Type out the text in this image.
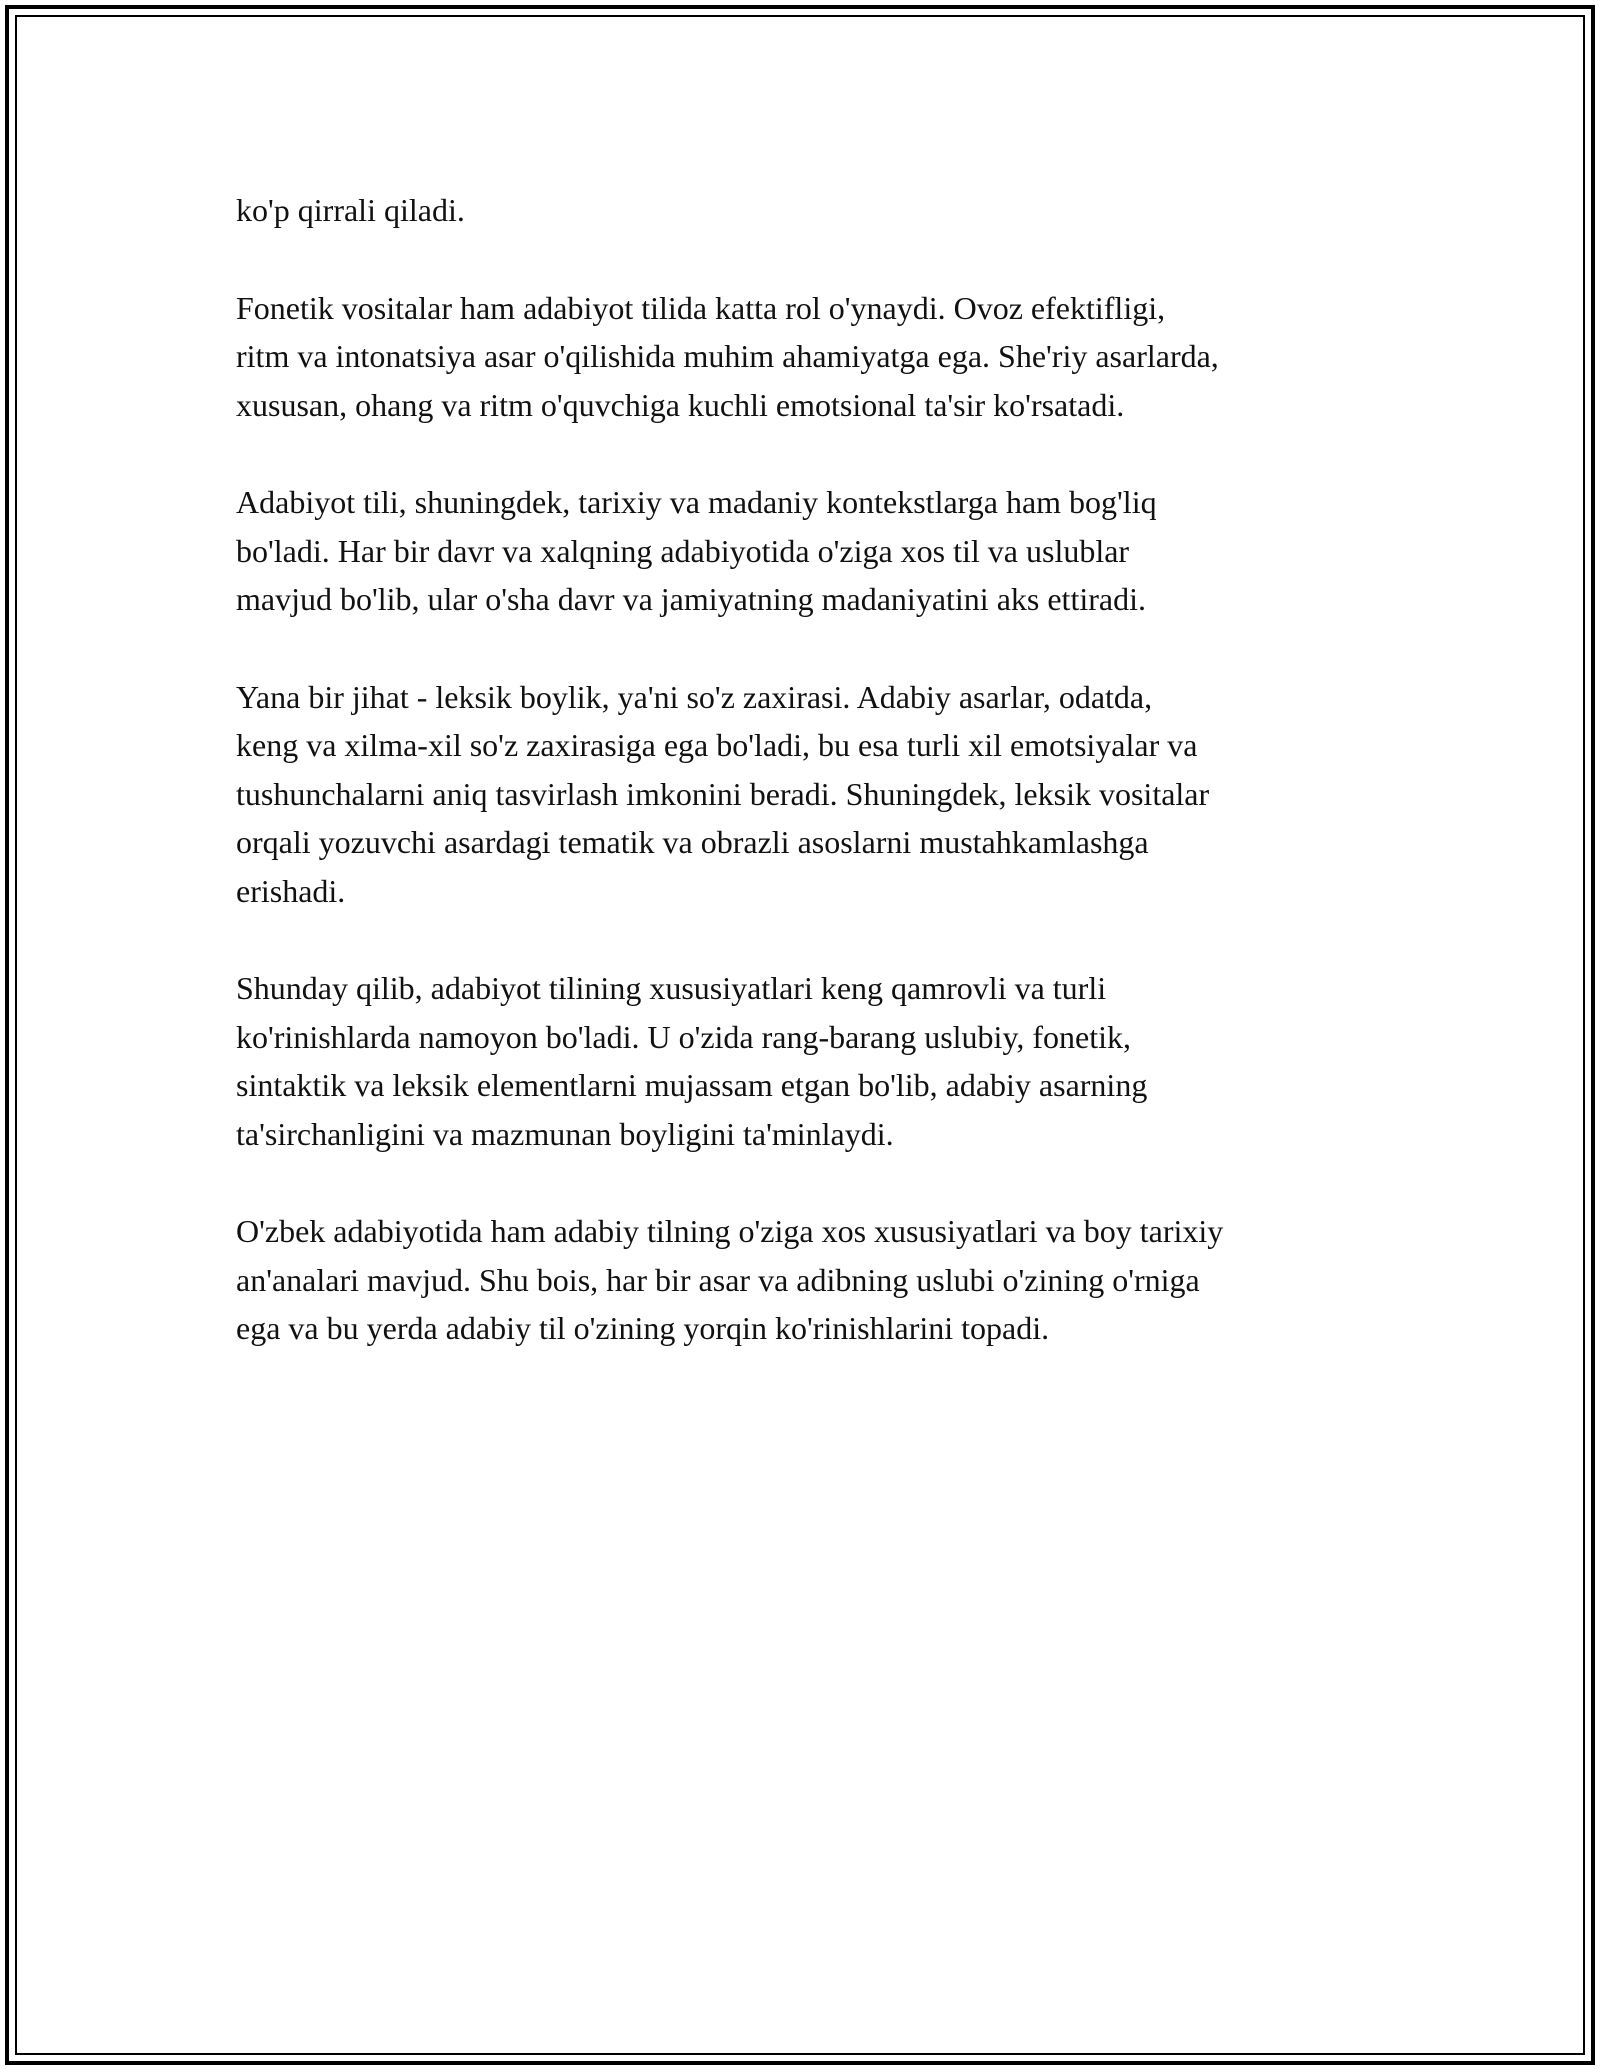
ko'p qirrali qiladi.

Fonetik vositalar ham adabiyot tilida katta rol o'ynaydi. Ovoz efektifligi,
ritm va intonatsiya asar o'qilishida muhim ahamiyatga ega. She'riy asarlarda,
xususan, ohang va ritm o'quvchiga kuchli emotsional ta'sir ko'rsatadi.

Adabiyot tili, shuningdek, tarixiy va madaniy kontekstlarga ham bog'liq
bo'ladi. Har bir davr va xalqning adabiyotida o'ziga xos til va uslublar
mavjud bo'lib, ular o'sha davr va jamiyatning madaniyatini aks ettiradi.

Yana bir jihat - leksik boylik, ya'ni so'z zaxirasi. Adabiy asarlar, odatda,
keng va xilma-xil so'z zaxirasiga ega bo'ladi, bu esa turli xil emotsiyalar va
tushunchalarni aniq tasvirlash imkonini beradi. Shuningdek, leksik vositalar
orqali yozuvchi asardagi tematik va obrazli asoslarni mustahkamlashga
erishadi.

Shunday qilib, adabiyot tilining xususiyatlari keng qamrovli va turli
ko'rinishlarda namoyon bo'ladi. U o'zida rang-barang uslubiy, fonetik,
sintaktik va leksik elementlarni mujassam etgan bo'lib, adabiy asarning
ta'sirchanligini va mazmunan boyligini ta'minlaydi.

O'zbek adabiyotida ham adabiy tilning o'ziga xos xususiyatlari va boy tarixiy
an'analari mavjud. Shu bois, har bir asar va adibning uslubi o'zining o'rniga
ega va bu yerda adabiy til o'zining yorqin ko'rinishlarini topadi.
